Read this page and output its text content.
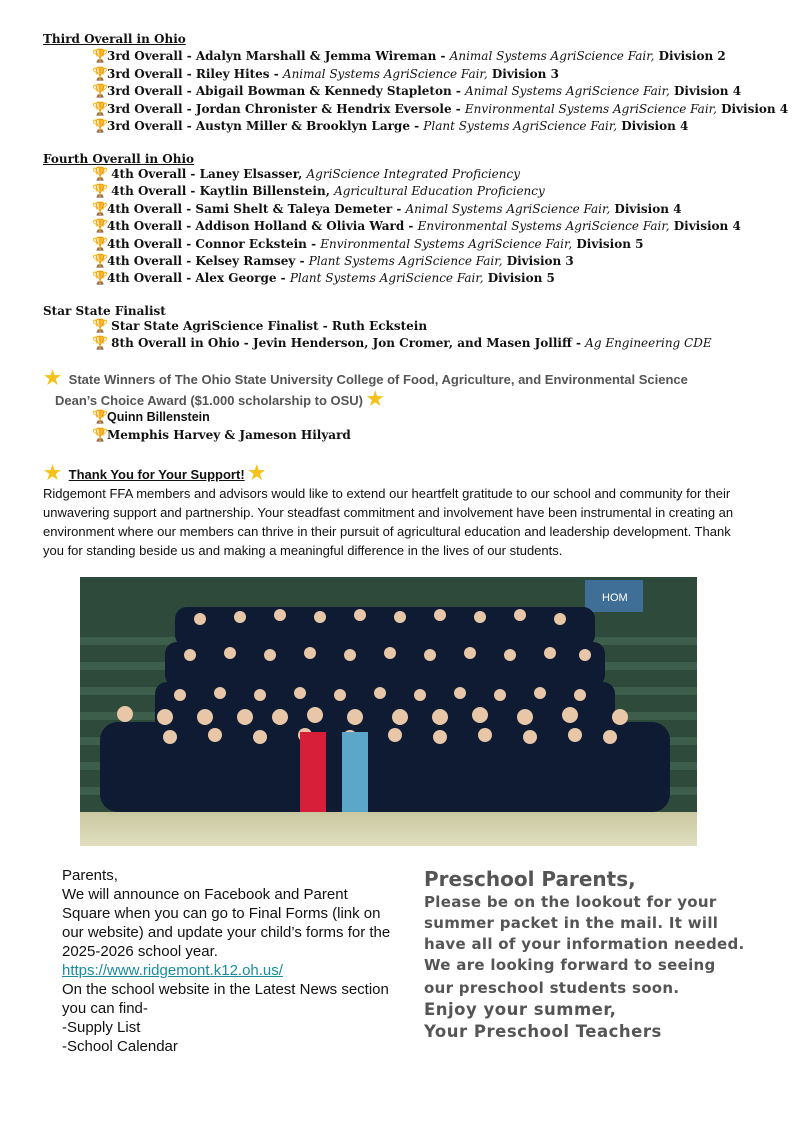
Third Overall in Ohio
🏆3rd Overall - Adalyn Marshall & Jemma Wireman - Animal Systems AgriScience Fair, Division 2
🏆3rd Overall - Riley Hites - Animal Systems AgriScience Fair, Division 3
🏆3rd Overall - Abigail Bowman & Kennedy Stapleton - Animal Systems AgriScience Fair, Division 4
🏆3rd Overall - Jordan Chronister & Hendrix Eversole - Environmental Systems AgriScience Fair, Division 4
🏆3rd Overall - Austyn Miller & Brooklyn Large - Plant Systems AgriScience Fair, Division 4
Fourth Overall in Ohio
🏆 4th Overall - Laney Elsasser, AgriScience Integrated Proficiency
🏆 4th Overall - Kaytlin Billenstein, Agricultural Education Proficiency
🏆4th Overall - Sami Shelt & Taleya Demeter - Animal Systems AgriScience Fair, Division 4
🏆4th Overall - Addison Holland & Olivia Ward - Environmental Systems AgriScience Fair, Division 4
🏆4th Overall - Connor Eckstein - Environmental Systems AgriScience Fair, Division 5
🏆4th Overall - Kelsey Ramsey - Plant Systems AgriScience Fair, Division 3
🏆4th Overall - Alex George - Plant Systems AgriScience Fair, Division 5
Star State Finalist
🏆 Star State AgriScience Finalist - Ruth Eckstein
🏆 8th Overall in Ohio - Jevin Henderson, Jon Cromer, and Masen Jolliff - Ag Engineering CDE
★ State Winners of The Ohio State University College of Food, Agriculture, and Environmental Science
Dean’s Choice Award ($1.000 scholarship to OSU) ★
🏆Quinn Billenstein
🏆Memphis Harvey & Jameson Hilyard
★ Thank You for Your Support! ★
Ridgemont FFA members and advisors would like to extend our heartfelt gratitude to our school and community for their unwavering support and partnership. Your steadfast commitment and involvement have been instrumental in creating an environment where our members can thrive in their pursuit of agricultural education and leadership development. Thank you for standing beside us and making a meaningful difference in the lives of our students.
HOM
Parents,
We will announce on Facebook and Parent Square when you can go to Final Forms (link on our website) and update your child’s forms for the 2025-2026 school year.
https://www.ridgemont.k12.oh.us/
On the school website in the Latest News section you can find-
-Supply List
-School Calendar
Preschool Parents,
Please be on the lookout for your summer packet in the mail. It will have all of your information needed. We are looking forward to seeing
our preschool students soon.
Enjoy your summer,
Your Preschool Teachers
